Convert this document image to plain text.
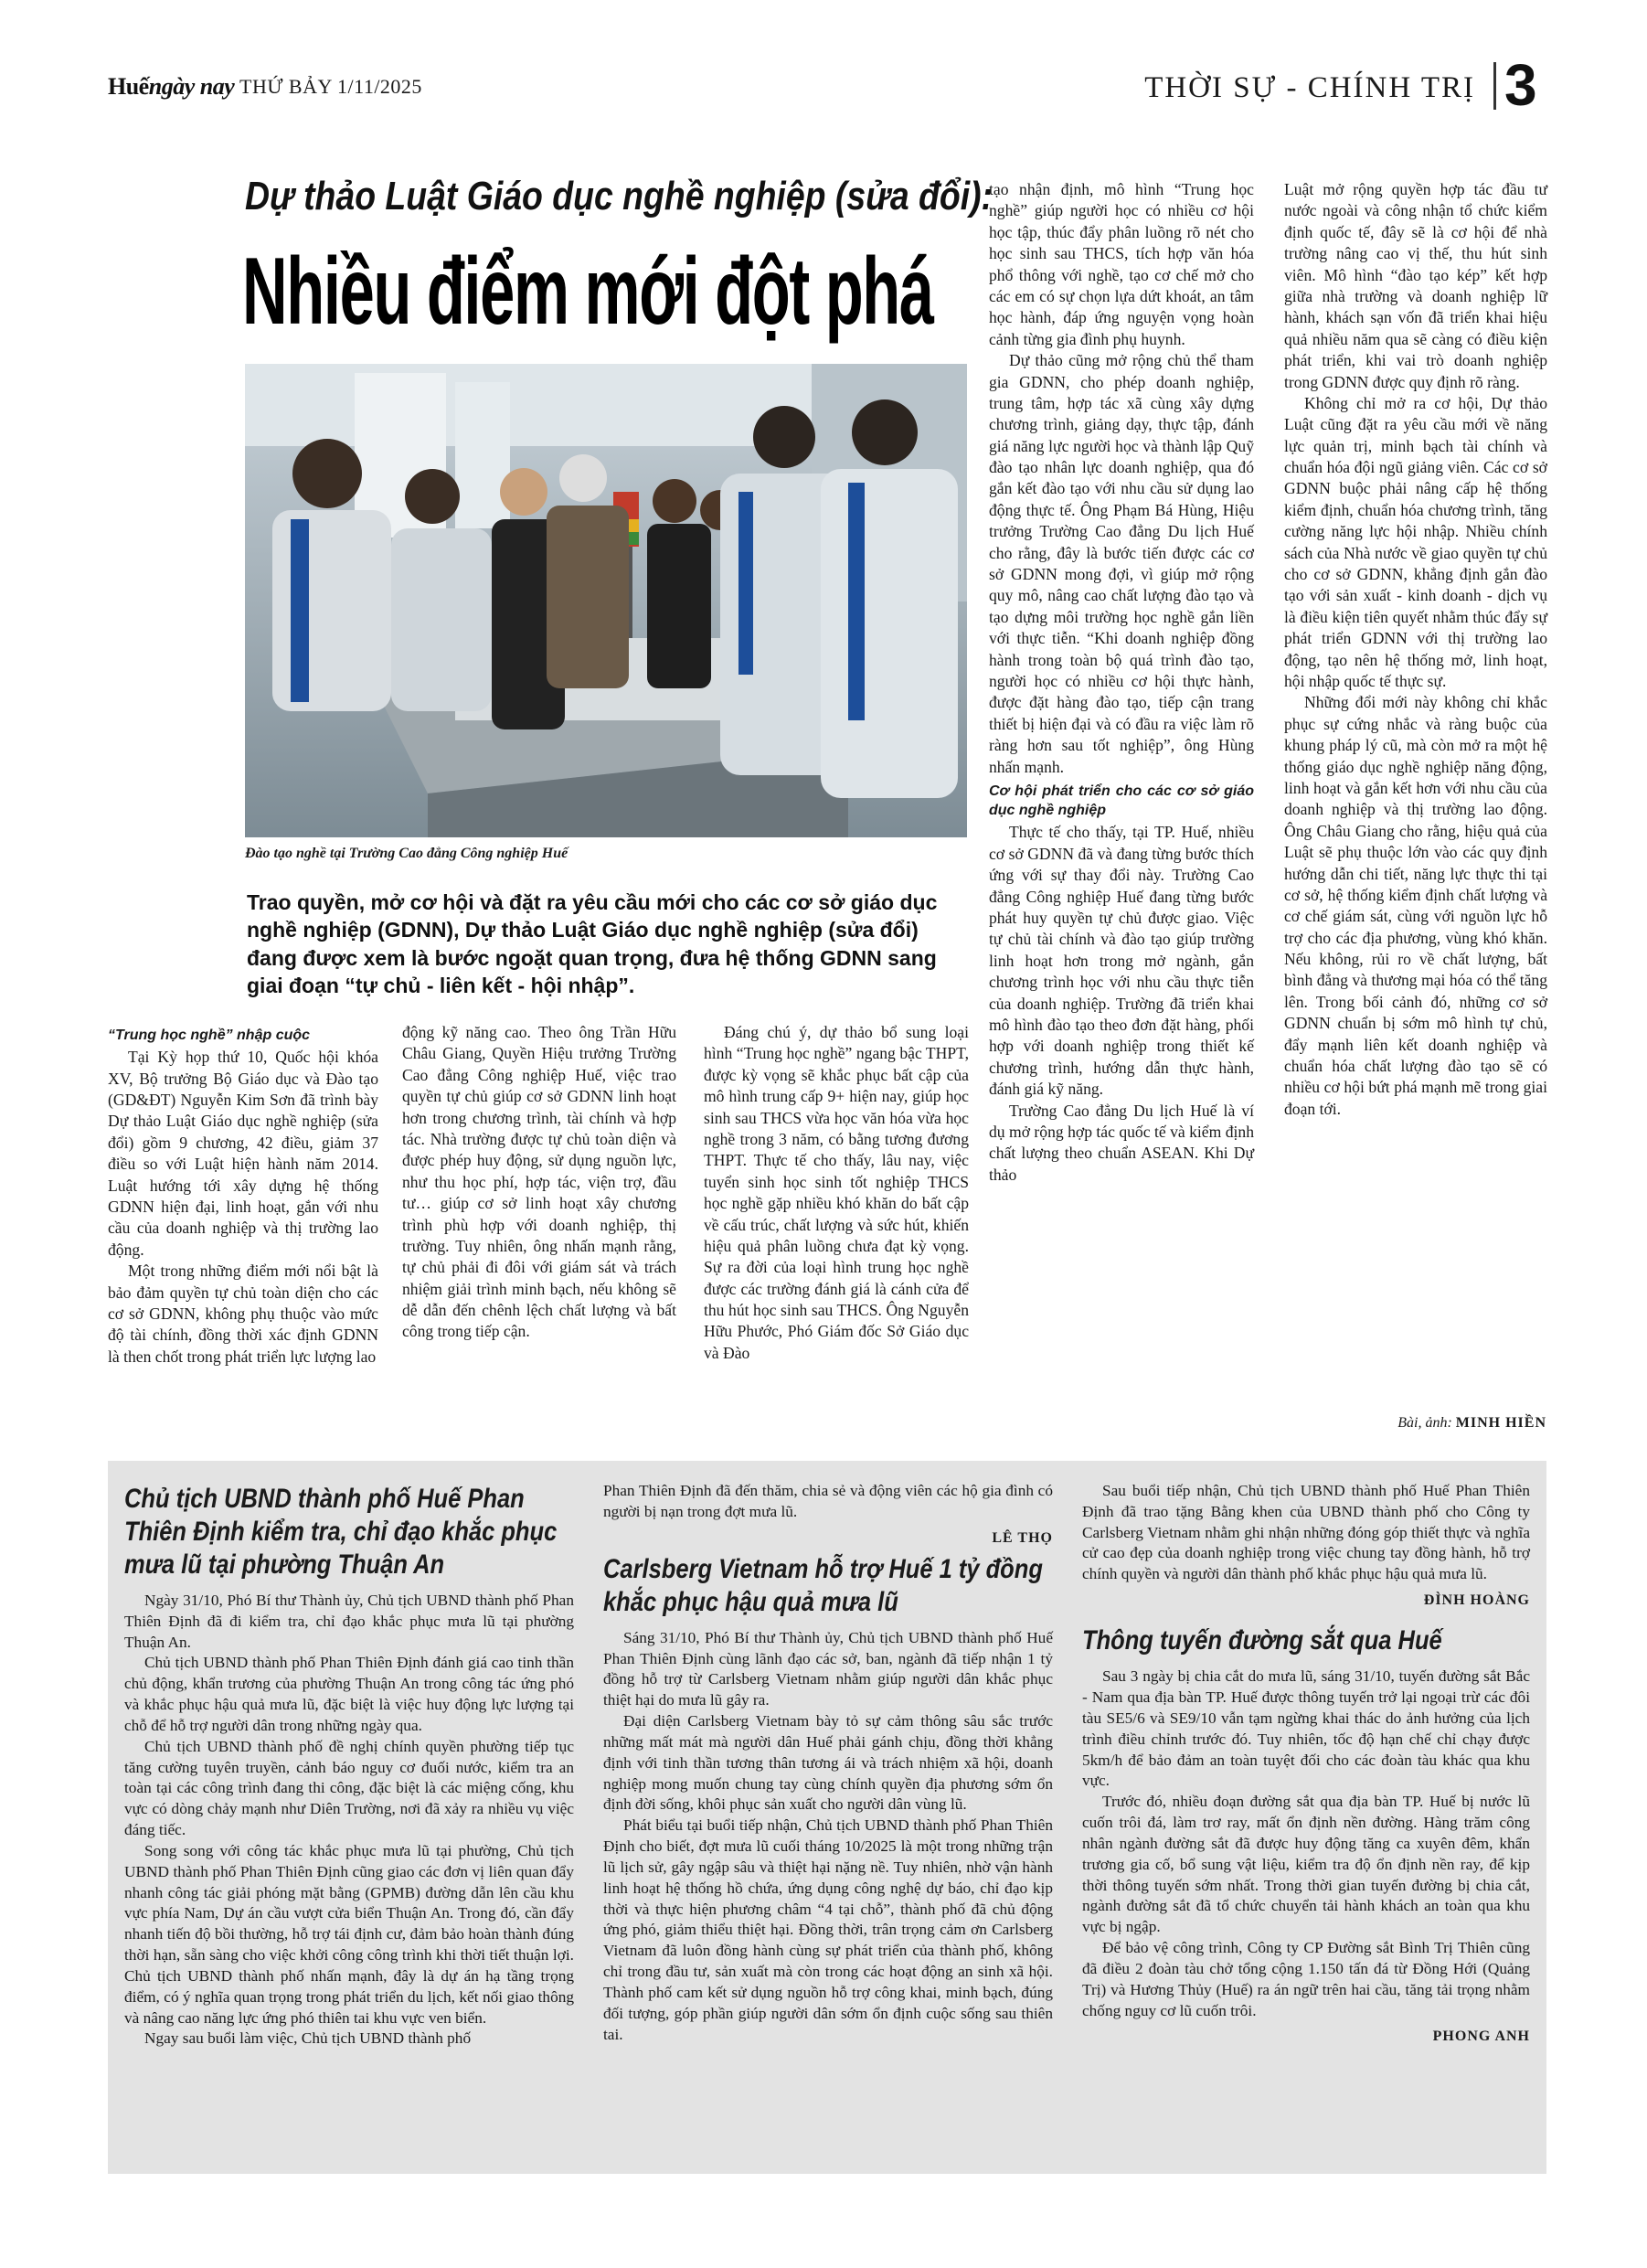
Huếngày nay THỨ BẢY 1/11/2025	THỜI SỰ - CHÍNH TRỊ 3
Dự thảo Luật Giáo dục nghề nghiệp (sửa đổi):
Nhiều điểm mới đột phá
Đào tạo nghề tại Trường Cao đẳng Công nghiệp Huế
Trao quyền, mở cơ hội và đặt ra yêu cầu mới cho các cơ sở giáo dục nghề nghiệp (GDNN), Dự thảo Luật Giáo dục nghề nghiệp (sửa đổi) đang được xem là bước ngoặt quan trọng, đưa hệ thống GDNN sang giai đoạn “tự chủ - liên kết - hội nhập”.

“Trung học nghề” nhập cuộc

Tại Kỳ họp thứ 10, Quốc hội khóa XV, Bộ trưởng Bộ Giáo dục và Đào tạo (GD&ĐT) Nguyễn Kim Sơn đã trình bày Dự thảo Luật Giáo dục nghề nghiệp (sửa đổi) gồm 9 chương, 42 điều, giảm 37 điều so với Luật hiện hành năm 2014. Luật hướng tới xây dựng hệ thống GDNN hiện đại, linh hoạt, gắn với nhu cầu của doanh nghiệp và thị trường lao động.

Một trong những điểm mới nổi bật là bảo đảm quyền tự chủ toàn diện cho các cơ sở GDNN, không phụ thuộc vào mức độ tài chính, đồng thời xác định GDNN là then chốt trong phát triển lực lượng lao

động kỹ năng cao. Theo ông Trần Hữu Châu Giang, Quyền Hiệu trưởng Trường Cao đẳng Công nghiệp Huế, việc trao quyền tự chủ giúp cơ sở GDNN linh hoạt hơn trong chương trình, tài chính và hợp tác. Nhà trường được tự chủ toàn diện và được phép huy động, sử dụng nguồn lực, như thu học phí, hợp tác, viện trợ, đầu tư… giúp cơ sở linh hoạt xây chương trình phù hợp với doanh nghiệp, thị trường. Tuy nhiên, ông nhấn mạnh rằng, tự chủ phải đi đôi với giám sát và trách nhiệm giải trình minh bạch, nếu không sẽ dễ dẫn đến chênh lệch chất lượng và bất công trong tiếp cận.

Đáng chú ý, dự thảo bổ sung loại hình “Trung học nghề” ngang bậc THPT, được kỳ vọng sẽ khắc phục bất cập của mô hình trung cấp 9+ hiện nay, giúp học sinh sau THCS vừa học văn hóa vừa học nghề trong 3 năm, có bằng tương đương THPT. Thực tế cho thấy, lâu nay, việc tuyển sinh học sinh tốt nghiệp THCS học nghề gặp nhiều khó khăn do bất cập về cấu trúc, chất lượng và sức hút, khiến hiệu quả phân luồng chưa đạt kỳ vọng. Sự ra đời của loại hình trung học nghề được các trường đánh giá là cánh cửa để thu hút học sinh sau THCS. Ông Nguyễn Hữu Phước, Phó Giám đốc Sở Giáo dục và Đào

tạo nhận định, mô hình “Trung học nghề” giúp người học có nhiều cơ hội học tập, thúc đẩy phân luồng rõ nét cho học sinh sau THCS, tích hợp văn hóa phổ thông với nghề, tạo cơ chế mở cho các em có sự chọn lựa dứt khoát, an tâm học hành, đáp ứng nguyện vọng hoàn cảnh từng gia đình phụ huynh.

Dự thảo cũng mở rộng chủ thể tham gia GDNN, cho phép doanh nghiệp, trung tâm, hợp tác xã cùng xây dựng chương trình, giảng dạy, thực tập, đánh giá năng lực người học và thành lập Quỹ đào tạo nhân lực doanh nghiệp, qua đó gắn kết đào tạo với nhu cầu sử dụng lao động thực tế. Ông Phạm Bá Hùng, Hiệu trưởng Trường Cao đẳng Du lịch Huế cho rằng, đây là bước tiến được các cơ sở GDNN mong đợi, vì giúp mở rộng quy mô, nâng cao chất lượng đào tạo và tạo dựng môi trường học nghề gắn liền với thực tiễn. “Khi doanh nghiệp đồng hành trong toàn bộ quá trình đào tạo, người học có nhiều cơ hội thực hành, được đặt hàng đào tạo, tiếp cận trang thiết bị hiện đại và có đầu ra việc làm rõ ràng hơn sau tốt nghiệp”, ông Hùng nhấn mạnh.

Cơ hội phát triển cho các cơ sở giáo dục nghề nghiệp

Thực tế cho thấy, tại TP. Huế, nhiều cơ sở GDNN đã và đang từng bước thích ứng với sự thay đổi này. Trường Cao đẳng Công nghiệp Huế đang từng bước phát huy quyền tự chủ được giao. Việc tự chủ tài chính và đào tạo giúp trường linh hoạt hơn trong mở ngành, gắn chương trình học với nhu cầu thực tiễn của doanh nghiệp. Trường đã triển khai mô hình đào tạo theo đơn đặt hàng, phối hợp với doanh nghiệp trong thiết kế chương trình, hướng dẫn thực hành, đánh giá kỹ năng.

Trường Cao đẳng Du lịch Huế là ví dụ mở rộng hợp tác quốc tế và kiểm định chất lượng theo chuẩn ASEAN. Khi Dự thảo

Luật mở rộng quyền hợp tác đầu tư nước ngoài và công nhận tổ chức kiểm định quốc tế, đây sẽ là cơ hội để nhà trường nâng cao vị thế, thu hút sinh viên. Mô hình “đào tạo kép” kết hợp giữa nhà trường và doanh nghiệp lữ hành, khách sạn vốn đã triển khai hiệu quả nhiều năm qua sẽ càng có điều kiện phát triển, khi vai trò doanh nghiệp trong GDNN được quy định rõ ràng.

Không chỉ mở ra cơ hội, Dự thảo Luật cũng đặt ra yêu cầu mới về năng lực quản trị, minh bạch tài chính và chuẩn hóa đội ngũ giảng viên. Các cơ sở GDNN buộc phải nâng cấp hệ thống kiểm định, chuẩn hóa chương trình, tăng cường năng lực hội nhập. Nhiều chính sách của Nhà nước về giao quyền tự chủ cho cơ sở GDNN, khẳng định gắn đào tạo với sản xuất - kinh doanh - dịch vụ là điều kiện tiên quyết nhằm thúc đẩy sự phát triển GDNN với thị trường lao động, tạo nên hệ thống mở, linh hoạt, hội nhập quốc tế thực sự.

Những đổi mới này không chỉ khắc phục sự cứng nhắc và ràng buộc của khung pháp lý cũ, mà còn mở ra một hệ thống giáo dục nghề nghiệp năng động, linh hoạt và gắn kết hơn với nhu cầu của doanh nghiệp và thị trường lao động. Ông Châu Giang cho rằng, hiệu quả của Luật sẽ phụ thuộc lớn vào các quy định hướng dẫn chi tiết, năng lực thực thi tại cơ sở, hệ thống kiểm định chất lượng và cơ chế giám sát, cùng với nguồn lực hỗ trợ cho các địa phương, vùng khó khăn. Nếu không, rủi ro về chất lượng, bất bình đẳng và thương mại hóa có thể tăng lên. Trong bối cảnh đó, những cơ sở GDNN chuẩn bị sớm mô hình tự chủ, đẩy mạnh liên kết doanh nghiệp và chuẩn hóa chất lượng đào tạo sẽ có nhiều cơ hội bứt phá mạnh mẽ trong giai đoạn tới.

Bài, ảnh: MINH HIỀN
Chủ tịch UBND thành phố Huế Phan Thiên Định kiểm tra, chỉ đạo khắc phục mưa lũ tại phường Thuận An

Ngày 31/10, Phó Bí thư Thành ủy, Chủ tịch UBND thành phố Phan Thiên Định đã đi kiểm tra, chỉ đạo khắc phục mưa lũ tại phường Thuận An.

Chủ tịch UBND thành phố Phan Thiên Định đánh giá cao tinh thần chủ động, khẩn trương của phường Thuận An trong công tác ứng phó và khắc phục hậu quả mưa lũ, đặc biệt là việc huy động lực lượng tại chỗ để hỗ trợ người dân trong những ngày qua.

Chủ tịch UBND thành phố đề nghị chính quyền phường tiếp tục tăng cường tuyên truyền, cảnh báo nguy cơ đuối nước, kiểm tra an toàn tại các công trình đang thi công, đặc biệt là các miệng cống, khu vực có dòng chảy mạnh như Diên Trường, nơi đã xảy ra nhiều vụ việc đáng tiếc.

Song song với công tác khắc phục mưa lũ tại phường, Chủ tịch UBND thành phố Phan Thiên Định cũng giao các đơn vị liên quan đẩy nhanh công tác giải phóng mặt bằng (GPMB) đường dẫn lên cầu khu vực phía Nam, Dự án cầu vượt cửa biển Thuận An. Trong đó, cần đẩy nhanh tiến độ bồi thường, hỗ trợ tái định cư, đảm bảo hoàn thành đúng thời hạn, sẵn sàng cho việc khởi công công trình khi thời tiết thuận lợi. Chủ tịch UBND thành phố nhấn mạnh, đây là dự án hạ tầng trọng điểm, có ý nghĩa quan trọng trong phát triển du lịch, kết nối giao thông và nâng cao năng lực ứng phó thiên tai khu vực ven biển.

Ngay sau buổi làm việc, Chủ tịch UBND thành phố

Phan Thiên Định đã đến thăm, chia sẻ và động viên các hộ gia đình có người bị nạn trong đợt mưa lũ.

LÊ THỌ
Carlsberg Vietnam hỗ trợ Huế 1 tỷ đồng khắc phục hậu quả mưa lũ

Sáng 31/10, Phó Bí thư Thành ủy, Chủ tịch UBND thành phố Huế Phan Thiên Định cùng lãnh đạo các sở, ban, ngành đã tiếp nhận 1 tỷ đồng hỗ trợ từ Carlsberg Vietnam nhằm giúp người dân khắc phục thiệt hại do mưa lũ gây ra.

Đại diện Carlsberg Vietnam bày tỏ sự cảm thông sâu sắc trước những mất mát mà người dân Huế phải gánh chịu, đồng thời khẳng định với tinh thần tương thân tương ái và trách nhiệm xã hội, doanh nghiệp mong muốn chung tay cùng chính quyền địa phương sớm ổn định đời sống, khôi phục sản xuất cho người dân vùng lũ.

Phát biểu tại buổi tiếp nhận, Chủ tịch UBND thành phố Phan Thiên Định cho biết, đợt mưa lũ cuối tháng 10/2025 là một trong những trận lũ lịch sử, gây ngập sâu và thiệt hại nặng nề. Tuy nhiên, nhờ vận hành linh hoạt hệ thống hồ chứa, ứng dụng công nghệ dự báo, chỉ đạo kịp thời và thực hiện phương châm “4 tại chỗ”, thành phố đã chủ động ứng phó, giảm thiểu thiệt hại. Đồng thời, trân trọng cảm ơn Carlsberg Vietnam đã luôn đồng hành cùng sự phát triển của thành phố, không chỉ trong đầu tư, sản xuất mà còn trong các hoạt động an sinh xã hội. Thành phố cam kết sử dụng nguồn hỗ trợ công khai, minh bạch, đúng đối tượng, góp phần giúp người dân sớm ổn định cuộc sống sau thiên tai.

Sau buổi tiếp nhận, Chủ tịch UBND thành phố Huế Phan Thiên Định đã trao tặng Bằng khen của UBND thành phố cho Công ty Carlsberg Vietnam nhằm ghi nhận những đóng góp thiết thực và nghĩa cử cao đẹp của doanh nghiệp trong việc chung tay đồng hành, hỗ trợ chính quyền và người dân thành phố khắc phục hậu quả mưa lũ.

ĐÌNH HOÀNG
Thông tuyến đường sắt qua Huế

Sau 3 ngày bị chia cắt do mưa lũ, sáng 31/10, tuyến đường sắt Bắc - Nam qua địa bàn TP. Huế được thông tuyến trở lại ngoại trừ các đôi tàu SE5/6 và SE9/10 vẫn tạm ngừng khai thác do ảnh hưởng của lịch trình điều chỉnh trước đó. Tuy nhiên, tốc độ hạn chế chỉ chạy được 5km/h để bảo đảm an toàn tuyệt đối cho các đoàn tàu khác qua khu vực.

Trước đó, nhiều đoạn đường sắt qua địa bàn TP. Huế bị nước lũ cuốn trôi đá, làm trơ ray, mất ổn định nền đường. Hàng trăm công nhân ngành đường sắt đã được huy động tăng ca xuyên đêm, khẩn trương gia cố, bổ sung vật liệu, kiểm tra độ ổn định nền ray, để kịp thời thông tuyến sớm nhất. Trong thời gian tuyến đường bị chia cắt, ngành đường sắt đã tổ chức chuyển tải hành khách an toàn qua khu vực bị ngập.

Để bảo vệ công trình, Công ty CP Đường sắt Bình Trị Thiên cũng đã điều 2 đoàn tàu chở tổng cộng 1.150 tấn đá từ Đồng Hới (Quảng Trị) và Hương Thủy (Huế) ra án ngữ trên hai cầu, tăng tải trọng nhằm chống nguy cơ lũ cuốn trôi.

PHONG ANH
